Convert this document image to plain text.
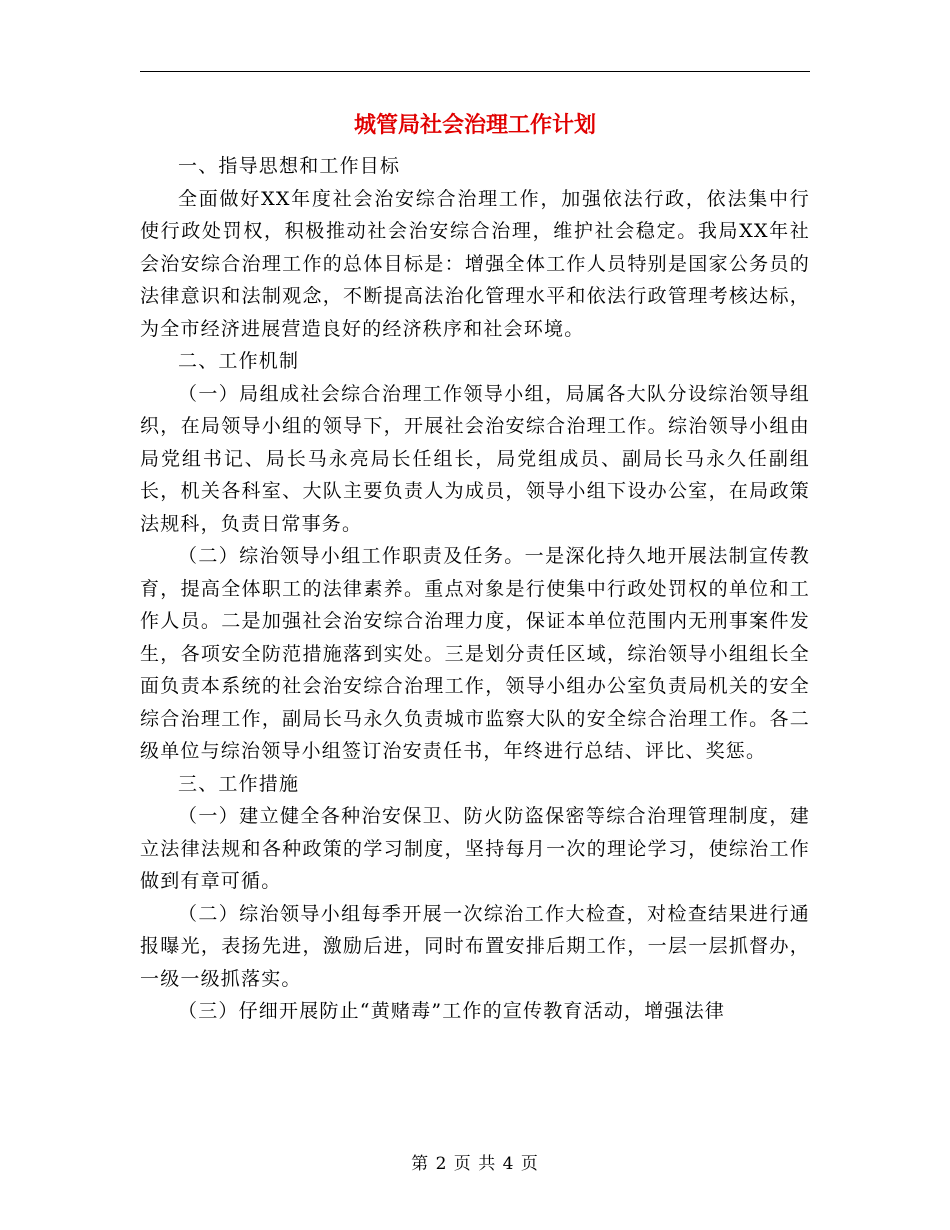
城管局社会治理工作计划

一、指导思想和工作目标

全面做好XX年度社会治安综合治理工作，加强依法行政，依法集中行使行政处罚权，积极推动社会治安综合治理，维护社会稳定。我局XX年社会治安综合治理工作的总体目标是：增强全体工作人员特别是国家公务员的法律意识和法制观念，不断提高法治化管理水平和依法行政管理考核达标，为全市经济进展营造良好的经济秩序和社会环境。

二、工作机制

（一）局组成社会综合治理工作领导小组，局属各大队分设综治领导组织，在局领导小组的领导下，开展社会治安综合治理工作。综治领导小组由局党组书记、局长马永亮局长任组长，局党组成员、副局长马永久任副组长，机关各科室、大队主要负责人为成员，领导小组下设办公室，在局政策法规科，负责日常事务。

（二）综治领导小组工作职责及任务。一是深化持久地开展法制宣传教育，提高全体职工的法律素养。重点对象是行使集中行政处罚权的单位和工作人员。二是加强社会治安综合治理力度，保证本单位范围内无刑事案件发生，各项安全防范措施落到实处。三是划分责任区域，综治领导小组组长全面负责本系统的社会治安综合治理工作，领导小组办公室负责局机关的安全综合治理工作，副局长马永久负责城市监察大队的安全综合治理工作。各二级单位与综治领导小组签订治安责任书，年终进行总结、评比、奖惩。

三、工作措施

（一）建立健全各种治安保卫、防火防盗保密等综合治理管理制度，建立法律法规和各种政策的学习制度，坚持每月一次的理论学习，使综治工作做到有章可循。

（二）综治领导小组每季开展一次综治工作大检查，对检查结果进行通报曝光，表扬先进，激励后进，同时布置安排后期工作，一层一层抓督办，一级一级抓落实。

（三）仔细开展防止“黄赌毒”工作的宣传教育活动，增强法律

第 2 页 共 4 页
